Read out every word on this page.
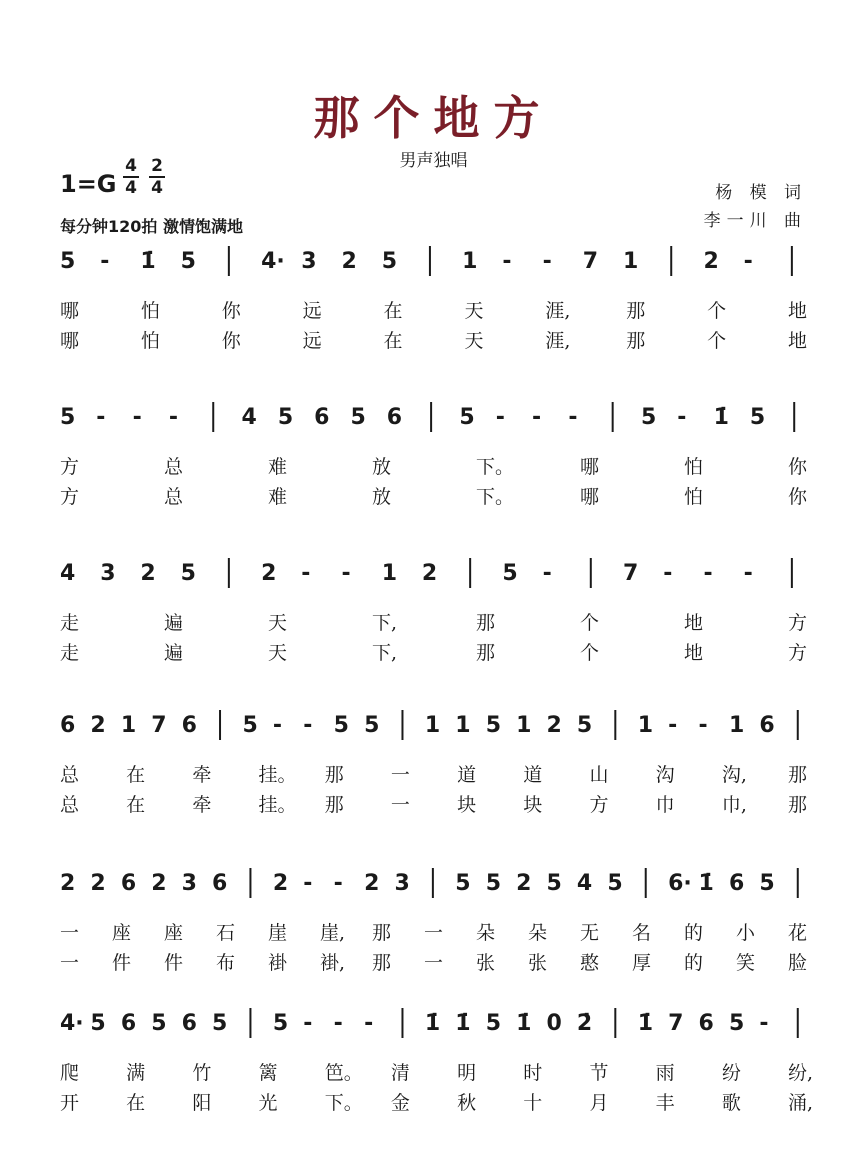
那个地方
男声独唱
1=G
4
4
2
4
每分钟120拍 激情饱满地
杨 模 词
李一川 曲
5 - 1̇ 5	4· 3 2 5	1 - - 7 1	2 -
5 - - -	4 5 6 5 6	5 - - -	5 - 1̇ 5
4 3 2 5	2 - - 1 2	5 -	7 - - -
6 2 1 7 6 5 - - 5 5 1 1 5 1 2 5 1 - - 1 6
2 2 6 2 3 6 2 - - 2 3 5 5 2 5 4 5 6· 1̇ 6 5
4· 5 6 5 6 5 5 - - - 1̇ 1̇ 5 1̇ 0 2̇ 1̇ 7 6 5 -
哪	怕	你	远	在	天	涯,	那	个	地
哪	怕	你	远	在	天	涯,	那	个	地
方	总	难	放	下。	哪	怕	你
方	总	难	放	下。	哪	怕	你
走	遍	天	下,	那	个	地	方
走	遍	天	下,	那	个	地	方
总 在 牵 挂。 那 一 道 道 山 沟 沟, 那
总 在 牵 挂。 那 一 块 块 方 巾 巾, 那
一 座 座 石 崖 崖, 那 一 朵 朵 无 名 的 小 花
一 件 件 布 褂 褂, 那 一 张 张 憨 厚 的 笑 脸
爬 满 竹 篱 笆。 清 明 时 节 雨 纷 纷,
开 在 阳 光 下。 金 秋 十 月 丰 歌 涌,
